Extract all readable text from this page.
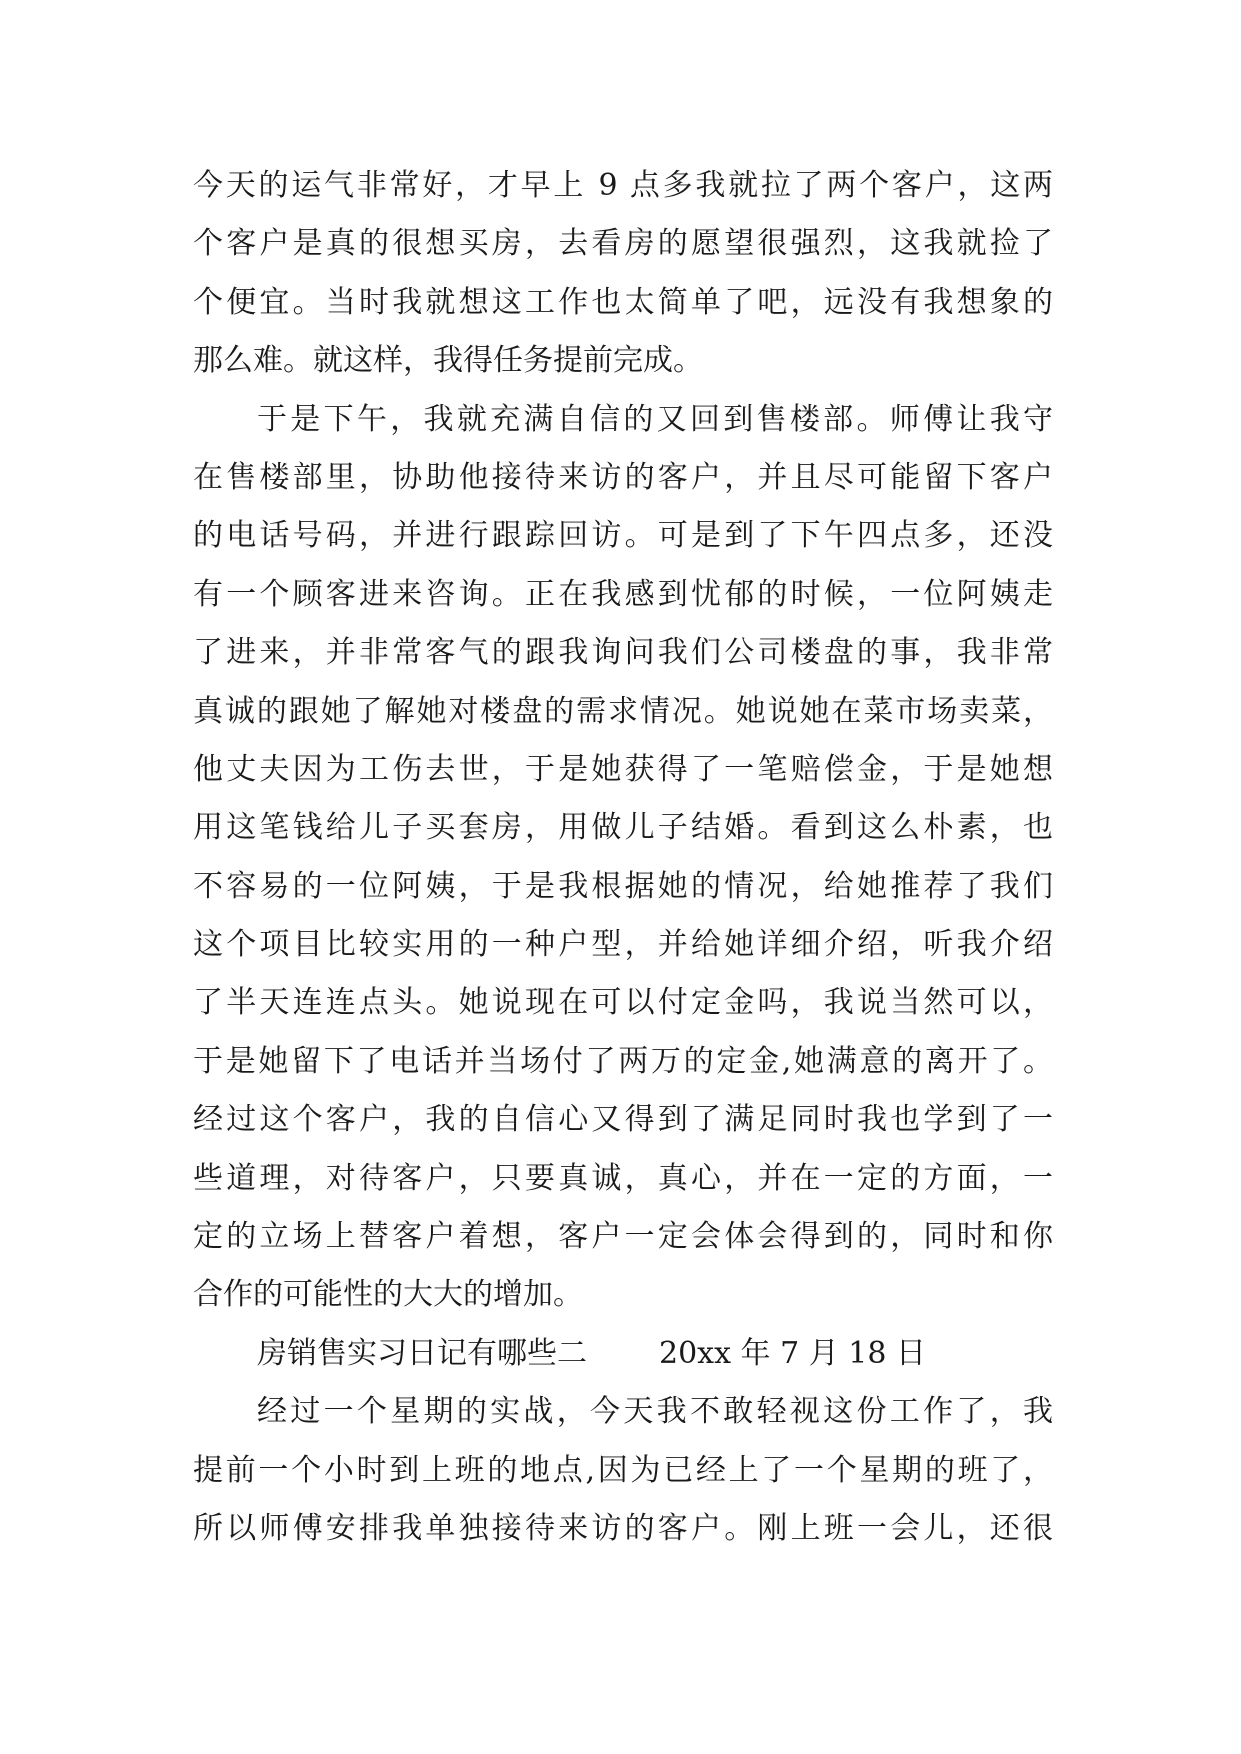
今天的运气非常好，才早上 9 点多我就拉了两个客户，这两
个客户是真的很想买房，去看房的愿望很强烈，这我就捡了
个便宜。当时我就想这工作也太简单了吧，远没有我想象的
那么难。就这样，我得任务提前完成。
于是下午，我就充满自信的又回到售楼部。师傅让我守
在售楼部里，协助他接待来访的客户，并且尽可能留下客户
的电话号码，并进行跟踪回访。可是到了下午四点多，还没
有一个顾客进来咨询。正在我感到忧郁的时候，一位阿姨走
了进来，并非常客气的跟我询问我们公司楼盘的事，我非常
真诚的跟她了解她对楼盘的需求情况。她说她在菜市场卖菜，
他丈夫因为工伤去世，于是她获得了一笔赔偿金，于是她想
用这笔钱给儿子买套房，用做儿子结婚。看到这么朴素，也
不容易的一位阿姨，于是我根据她的情况，给她推荐了我们
这个项目比较实用的一种户型，并给她详细介绍，听我介绍
了半天连连点头。她说现在可以付定金吗，我说当然可以，
于是她留下了电话并当场付了两万的定金,她满意的离开了。
经过这个客户，我的自信心又得到了满足同时我也学到了一
些道理，对待客户，只要真诚，真心，并在一定的方面，一
定的立场上替客户着想，客户一定会体会得到的，同时和你
合作的可能性的大大的增加。
房销售实习日记有哪些二 20xx 年 7 月 18 日
经过一个星期的实战，今天我不敢轻视这份工作了，我
提前一个小时到上班的地点,因为已经上了一个星期的班了，
所以师傅安排我单独接待来访的客户。刚上班一会儿，还很
